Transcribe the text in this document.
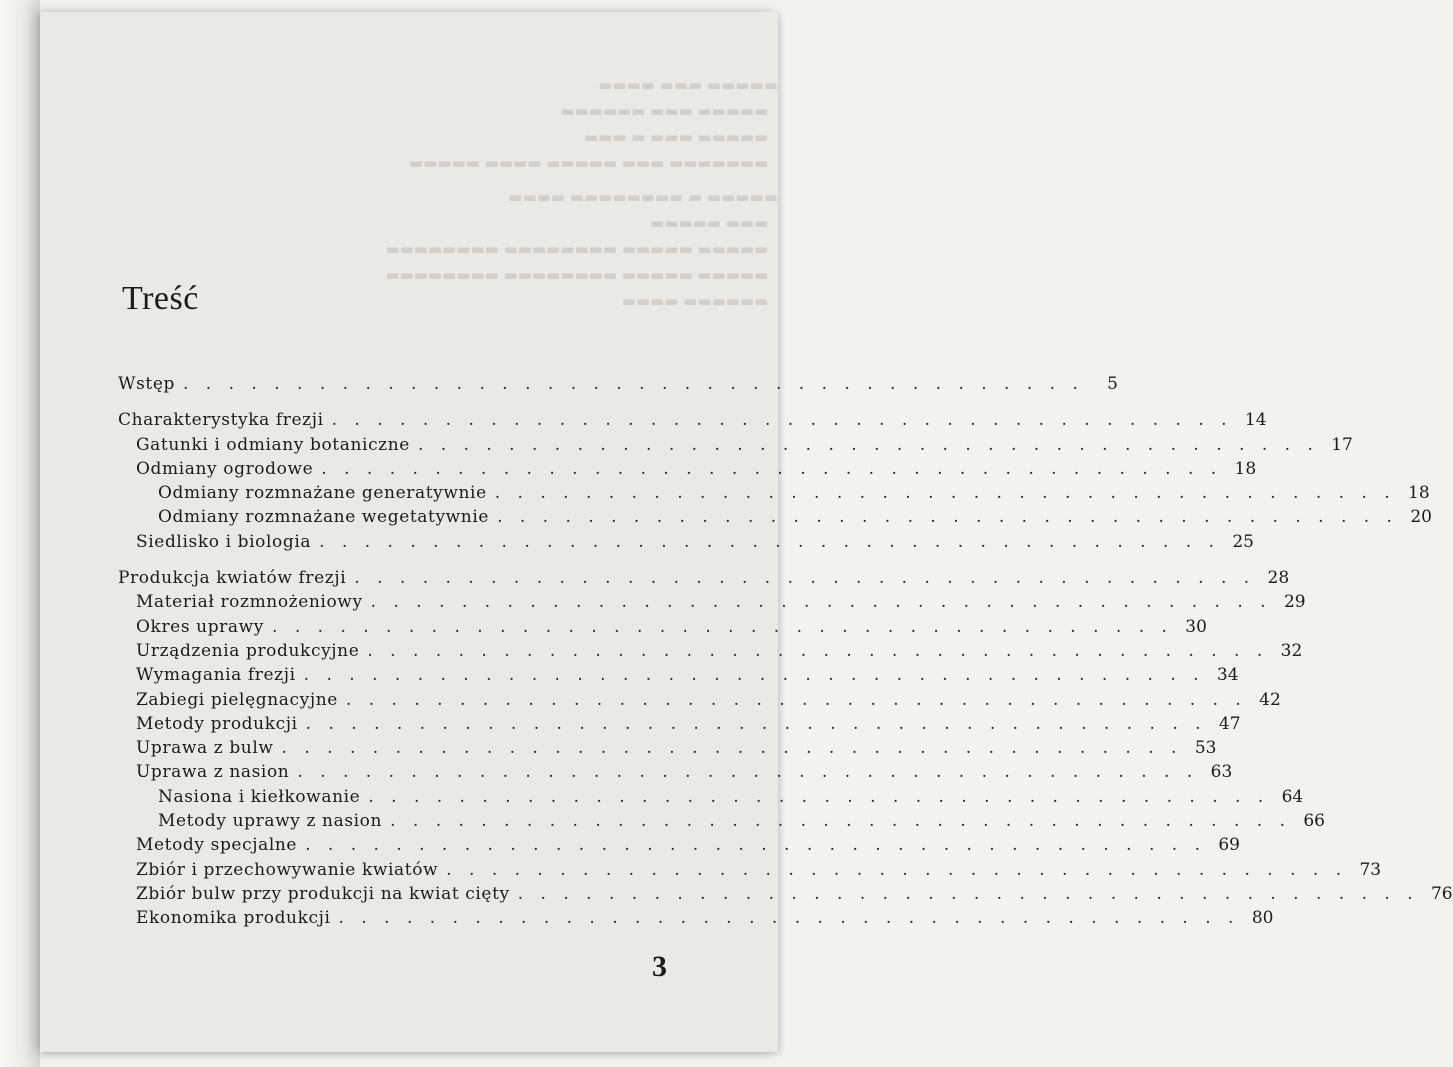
▬▬▬▬▬ ▬▬▬ ▬▬▬▬
▬▬▬▬▬ ▬▬▬ ▬▬▬▬▬▬
▬▬▬▬▬ ▬▬▬ ▬ ▬▬▬
▬▬▬▬▬▬▬ ▬▬▬ ▬▬▬▬▬ ▬▬▬▬ ▬▬▬▬▬
▬▬▬▬▬ ▬ ▬▬▬▬▬▬▬▬ ▬▬▬▬
▬▬▬ ▬▬▬▬▬
▬▬▬▬▬ ▬▬▬▬▬ ▬▬▬▬▬▬▬▬ ▬▬▬▬▬▬▬▬
▬▬▬▬▬ ▬▬▬▬▬ ▬▬▬▬▬▬▬▬ ▬▬▬▬▬▬▬▬
▬▬▬▬▬▬ ▬▬▬▬
Treść
Wstęp . . . . . . . . . . . . . . . . . . . . . . . . . . . . . . . . . . . . . . . .	5
Charakterystyka frezji . . . . . . . . . . . . . . . . . . . . . . . . . . . . . . . . . . . . . . . . 14
Gatunki i odmiany botaniczne . . . . . . . . . . . . . . . . . . . . . . . . . . . . . . . . . . . . . . . . 17
Odmiany ogrodowe . . . . . . . . . . . . . . . . . . . . . . . . . . . . . . . . . . . . . . . . 18
Odmiany rozmnażane generatywnie . . . . . . . . . . . . . . . . . . . . . . . . . . . . . . . . . . . . . . . . 18
Odmiany rozmnażane wegetatywnie . . . . . . . . . . . . . . . . . . . . . . . . . . . . . . . . . . . . . . . . 20
Siedlisko i biologia . . . . . . . . . . . . . . . . . . . . . . . . . . . . . . . . . . . . . . . . 25
Produkcja kwiatów frezji . . . . . . . . . . . . . . . . . . . . . . . . . . . . . . . . . . . . . . . . 28
Materiał rozmnożeniowy . . . . . . . . . . . . . . . . . . . . . . . . . . . . . . . . . . . . . . . . 29
Okres uprawy . . . . . . . . . . . . . . . . . . . . . . . . . . . . . . . . . . . . . . . . 30
Urządzenia produkcyjne . . . . . . . . . . . . . . . . . . . . . . . . . . . . . . . . . . . . . . . . 32
Wymagania frezji . . . . . . . . . . . . . . . . . . . . . . . . . . . . . . . . . . . . . . . . 34
Zabiegi pielęgnacyjne . . . . . . . . . . . . . . . . . . . . . . . . . . . . . . . . . . . . . . . . 42
Metody produkcji . . . . . . . . . . . . . . . . . . . . . . . . . . . . . . . . . . . . . . . . 47
Uprawa z bulw . . . . . . . . . . . . . . . . . . . . . . . . . . . . . . . . . . . . . . . . 53
Uprawa z nasion . . . . . . . . . . . . . . . . . . . . . . . . . . . . . . . . . . . . . . . . 63
Nasiona i kiełkowanie . . . . . . . . . . . . . . . . . . . . . . . . . . . . . . . . . . . . . . . . 64
Metody uprawy z nasion . . . . . . . . . . . . . . . . . . . . . . . . . . . . . . . . . . . . . . . . 66
Metody specjalne . . . . . . . . . . . . . . . . . . . . . . . . . . . . . . . . . . . . . . . . 69
Zbiór i przechowywanie kwiatów . . . . . . . . . . . . . . . . . . . . . . . . . . . . . . . . . . . . . . . . 73
Zbiór bulw przy produkcji na kwiat cięty . . . . . . . . . . . . . . . . . . . . . . . . . . . . . . . . . . . . . . . . 76
Ekonomika produkcji . . . . . . . . . . . . . . . . . . . . . . . . . . . . . . . . . . . . . . . . 80
3
